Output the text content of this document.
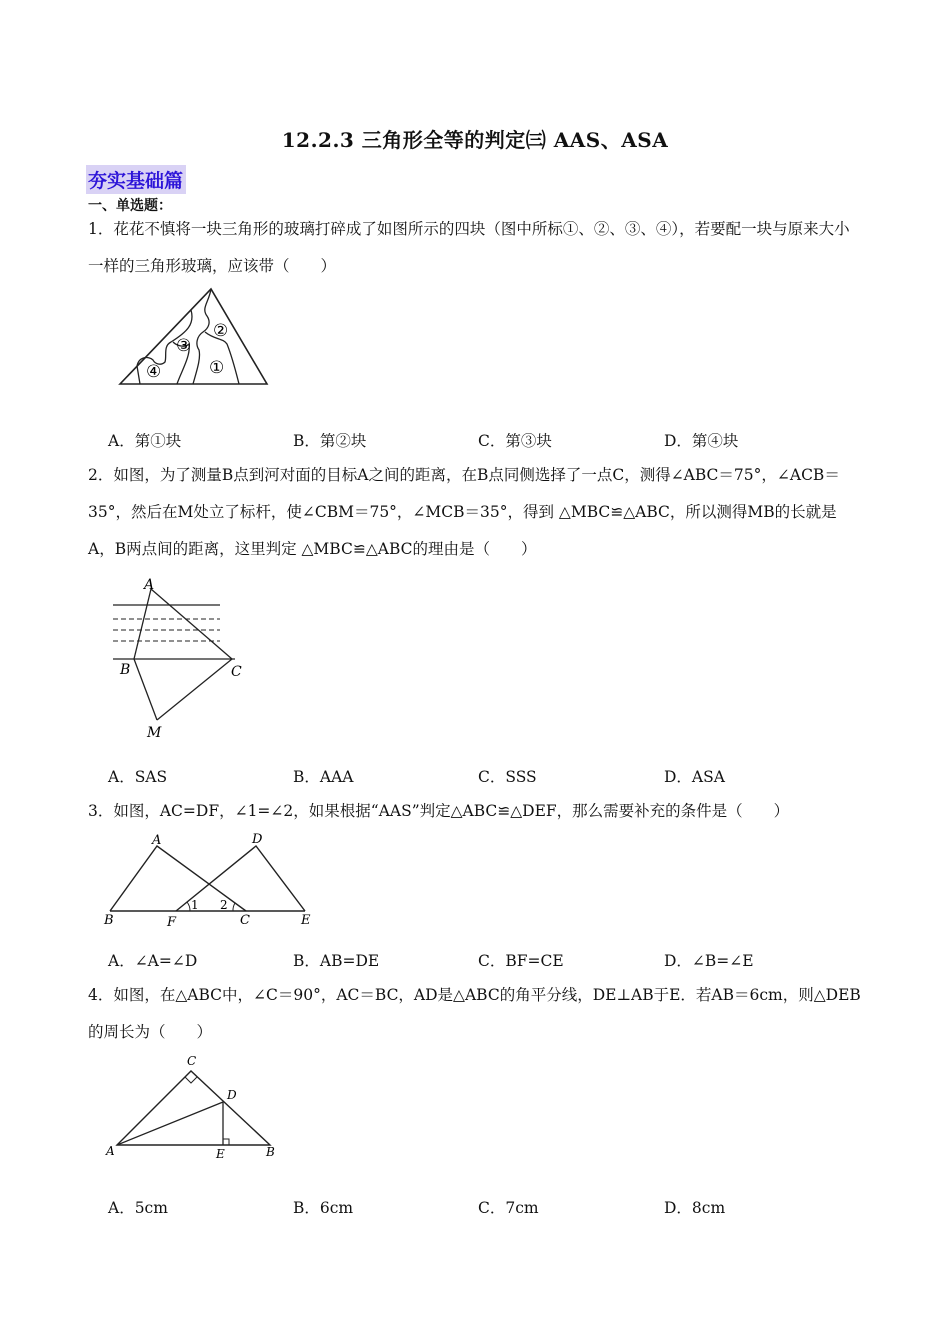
12.2.3 三角形全等的判定㈢ AAS、ASA
夯实基础篇
一、单选题：
1．花花不慎将一块三角形的玻璃打碎成了如图所示的四块（图中所标①、②、③、④），若要配一块与原来大小一样的三角形玻璃，应该带（　　）
①
②
③
④
A．第①块	B．第②块	C．第③块	D．第④块
2．如图，为了测量B点到河对面的目标A之间的距离，在B点同侧选择了一点C，测得∠ABC＝75°，∠ACB＝35°，然后在M处立了标杆，使∠CBM＝75°，∠MCB＝35°，得到 △MBC≌△ABC，所以测得MB的长就是A，B两点间的距离，这里判定 △MBC≌△ABC的理由是（　　）
A
B	C
M
A．SAS	B．AAA	C．SSS	D．ASA
3．如图，AC=DF，∠1=∠2，如果根据“AAS”判定△ABC≌△DEF，那么需要补充的条件是（　　）
A	D
B	F
1 2
C	E
A．∠A=∠D	B．AB=DE	C．BF=CE	D．∠B=∠E
4．如图，在△ABC中，∠C＝90°，AC＝BC，AD是△ABC的角平分线，DE⊥AB于E．若AB＝6cm，则△DEB的周长为（　　）
C
D
A	E	B
A．5cm	B．6cm	C．7cm	D．8cm
